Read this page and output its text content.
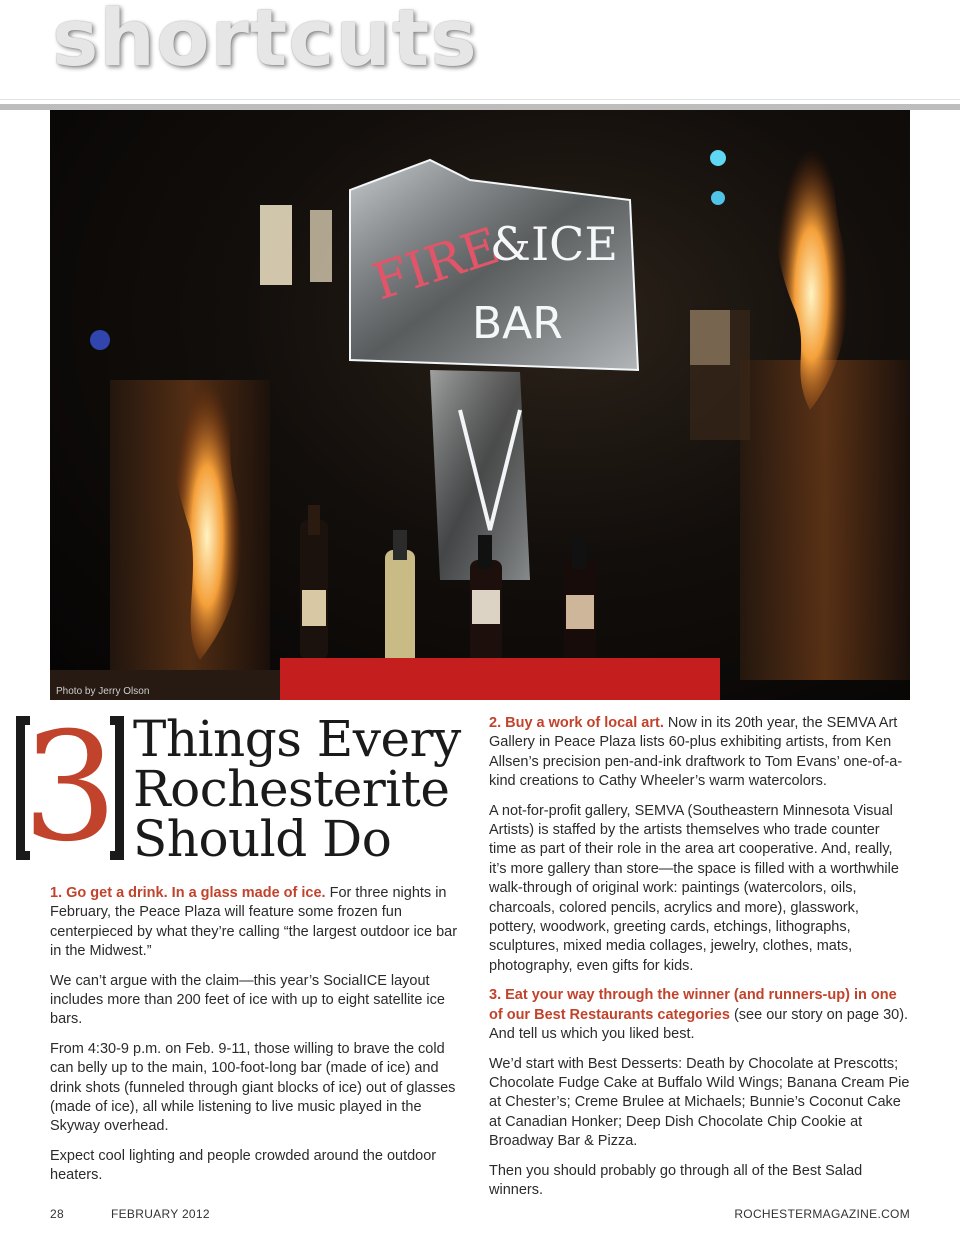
shortcuts
FIRE
&ICE
BAR
Photo by Jerry Olson
3 Things Every Rochesterite Should Do

1. Go get a drink. In a glass made of ice. For three nights in February, the Peace Plaza will feature some frozen fun centerpieced by what they’re calling “the largest outdoor ice bar in the Midwest.”

We can’t argue with the claim—this year’s SocialICE layout includes more than 200 feet of ice with up to eight satellite ice bars.

From 4:30-9 p.m. on Feb. 9-11, those willing to brave the cold can belly up to the main, 100-foot-long bar (made of ice) and drink shots (funneled through giant blocks of ice) out of glasses (made of ice), all while listening to live music played in the Skyway overhead.

Expect cool lighting and people crowded around the outdoor heaters.

2. Buy a work of local art. Now in its 20th year, the SEMVA Art Gallery in Peace Plaza lists 60-plus exhibiting artists, from Ken Allsen’s precision pen-and-ink draftwork to Tom Evans’ one-of-a-kind creations to Cathy Wheeler’s warm watercolors.

A not-for-profit gallery, SEMVA (Southeastern Minnesota Visual Artists) is staffed by the artists themselves who trade counter time as part of their role in the area art cooperative. And, really, it’s more gallery than store—the space is filled with a worthwhile walk-through of original work: paintings (watercolors, oils, charcoals, colored pencils, acrylics and more), glasswork, pottery, woodwork, greeting cards, etchings, lithographs, sculptures, mixed media collages, jewelry, clothes, mats, photography, even gifts for kids.

3. Eat your way through the winner (and runners-up) in one of our Best Restaurants categories (see our story on page 30). And tell us which you liked best.

We’d start with Best Desserts: Death by Chocolate at Prescotts; Chocolate Fudge Cake at Buffalo Wild Wings; Banana Cream Pie at Chester’s; Creme Brulee at Michaels; Bunnie’s Coconut Cake at Canadian Honker; Deep Dish Chocolate Chip Cookie at Broadway Bar & Pizza.

Then you should probably go through all of the Best Salad winners.

28	FEBRUARY 2012	ROCHESTERMAGAZINE.COM
